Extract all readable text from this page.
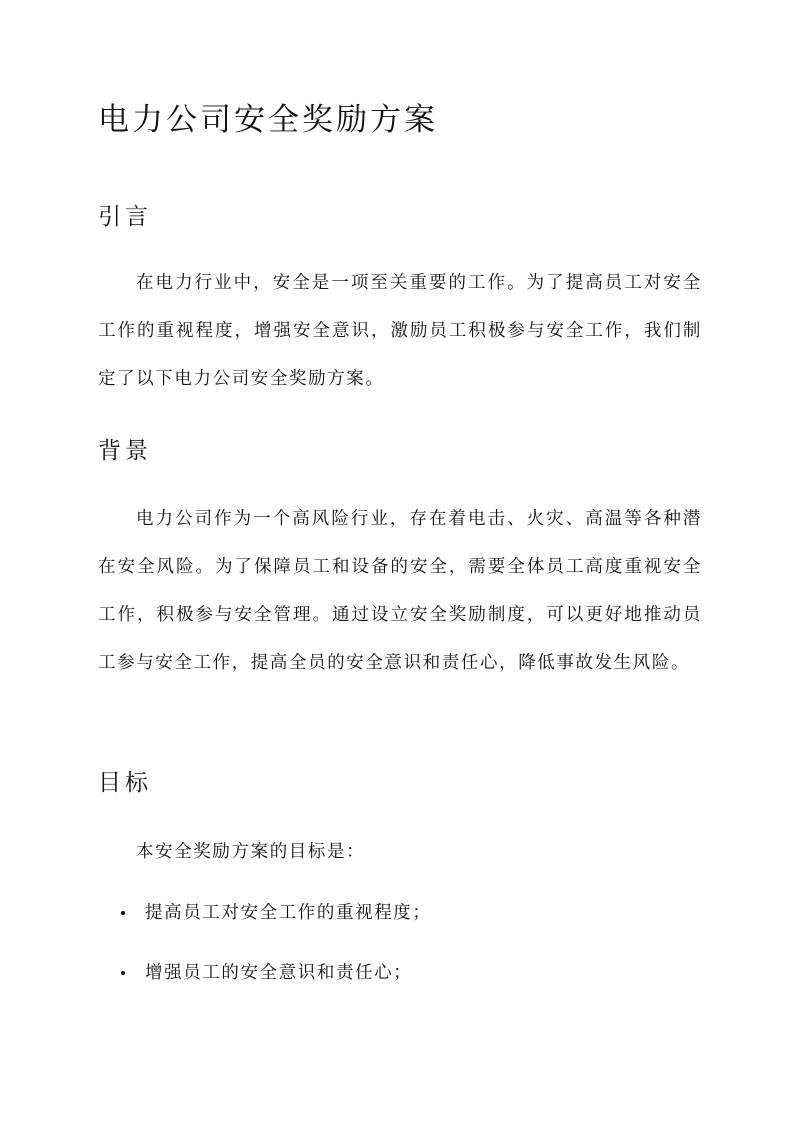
电力公司安全奖励方案
引言

在电力行业中，安全是一项至关重要的工作。为了提高员工对安全工作的重视程度，增强安全意识，激励员工积极参与安全工作，我们制定了以下电力公司安全奖励方案。

背景

电力公司作为一个高风险行业，存在着电击、火灾、高温等各种潜在安全风险。为了保障员工和设备的安全，需要全体员工高度重视安全工作，积极参与安全管理。通过设立安全奖励制度，可以更好地推动员工参与安全工作，提高全员的安全意识和责任心，降低事故发生风险。

目标

本安全奖励方案的目标是：

提高员工对安全工作的重视程度；
增强员工的安全意识和责任心；
